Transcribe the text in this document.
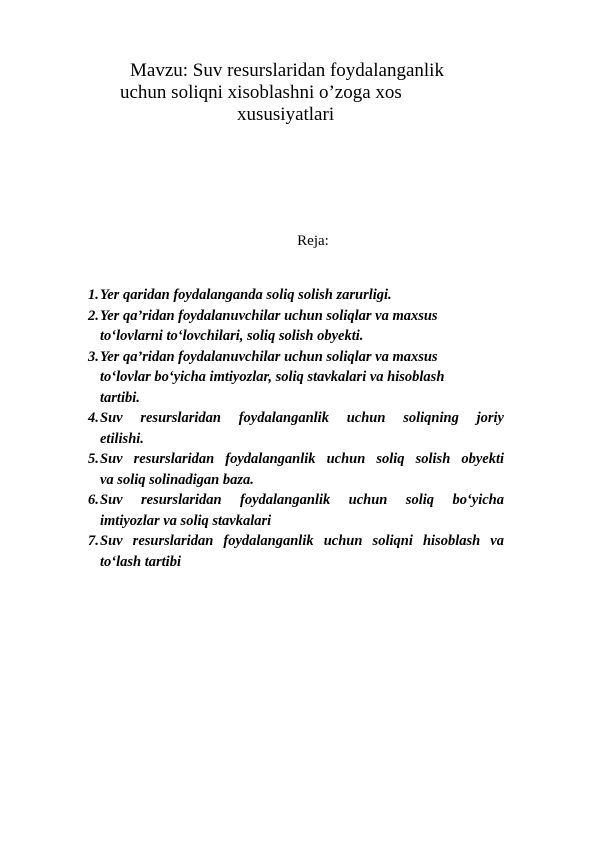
Mavzu: Suv resurslaridan foydalanganlik
uchun soliqni xisoblashni o’zoga xos
xususiyatlari
Reja:
1. Yer qaridan foydalanganda soliq solish zarurligi.
2. Yer qa’ridan foydalanuvchilar uchun soliqlar va maxsus
to‘lovlarni to‘lovchilari, soliq solish obyekti.
3. Yer qa’ridan foydalanuvchilar uchun soliqlar va maxsus
to‘lovlar bo‘yicha imtiyozlar, soliq stavkalari va hisoblash
tartibi.
4. Suv resurslaridan foydalanganlik uchun soliqning joriy
etilishi.
5. Suv resurslaridan foydalanganlik uchun soliq solish obyekti
va soliq solinadigan baza.
6. Suv resurslaridan foydalanganlik uchun soliq bo‘yicha
imtiyozlar va soliq stavkalari
7. Suv resurslaridan foydalanganlik uchun soliqni hisoblash va
to‘lash tartibi
